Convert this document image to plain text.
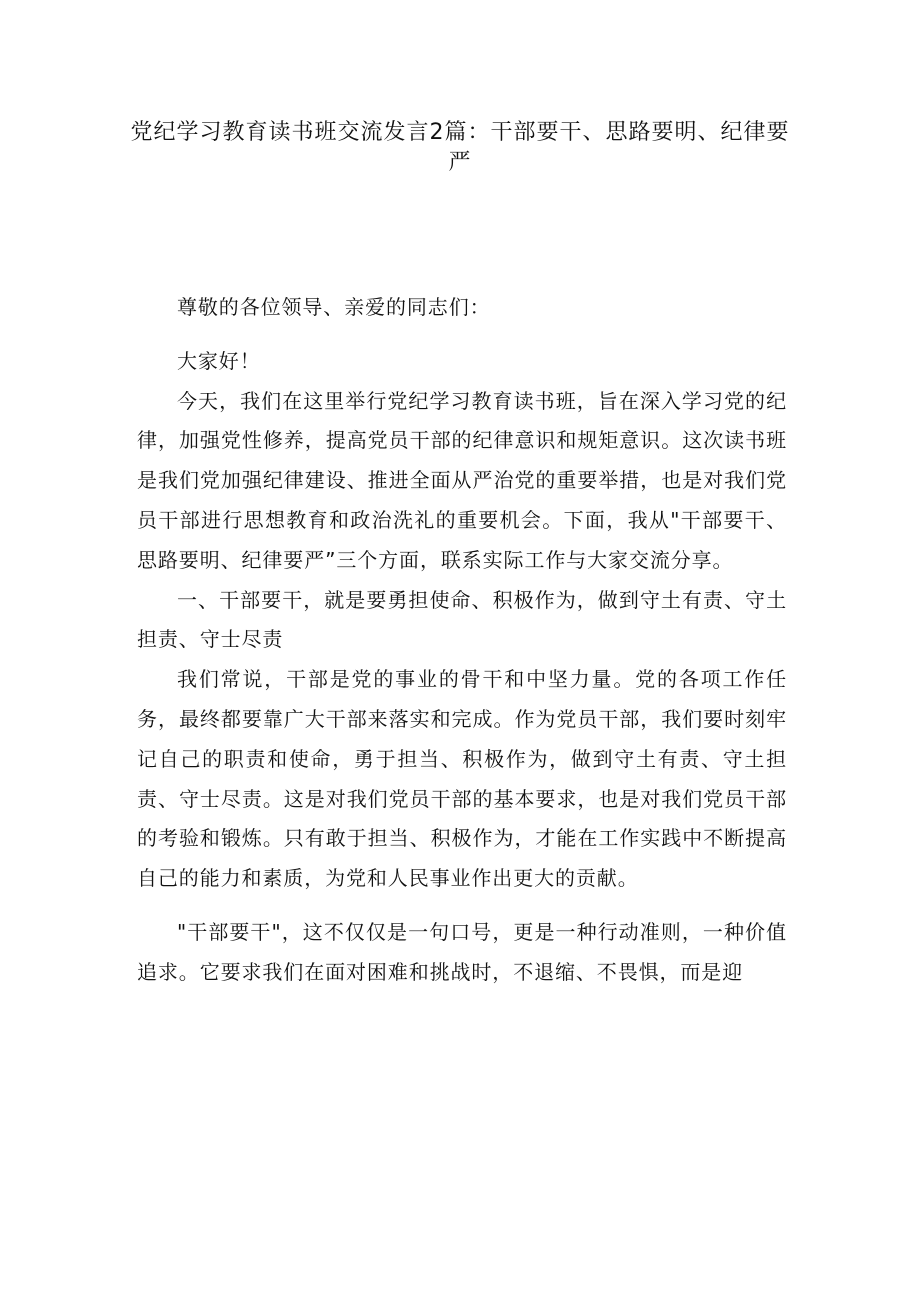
党纪学习教育读书班交流发言2篇：干部要干、思路要明、纪律要严

尊敬的各位领导、亲爱的同志们：

大家好！

今天，我们在这里举行党纪学习教育读书班，旨在深入学习党的纪律，加强党性修养，提高党员干部的纪律意识和规矩意识。这次读书班是我们党加强纪律建设、推进全面从严治党的重要举措，也是对我们党员干部进行思想教育和政治洗礼的重要机会。下面，我从"干部要干、思路要明、纪律要严”三个方面，联系实际工作与大家交流分享。

一、干部要干，就是要勇担使命、积极作为，做到守土有责、守土担责、守士尽责

我们常说，干部是党的事业的骨干和中坚力量。党的各项工作任务，最终都要靠广大干部来落实和完成。作为党员干部，我们要时刻牢记自己的职责和使命，勇于担当、积极作为，做到守土有责、守土担责、守士尽责。这是对我们党员干部的基本要求，也是对我们党员干部的考验和锻炼。只有敢于担当、积极作为，才能在工作实践中不断提高自己的能力和素质，为党和人民事业作出更大的贡献。

"干部要干"，这不仅仅是一句口号，更是一种行动准则，一种价值追求。它要求我们在面对困难和挑战时，不退缩、不畏惧，而是迎
